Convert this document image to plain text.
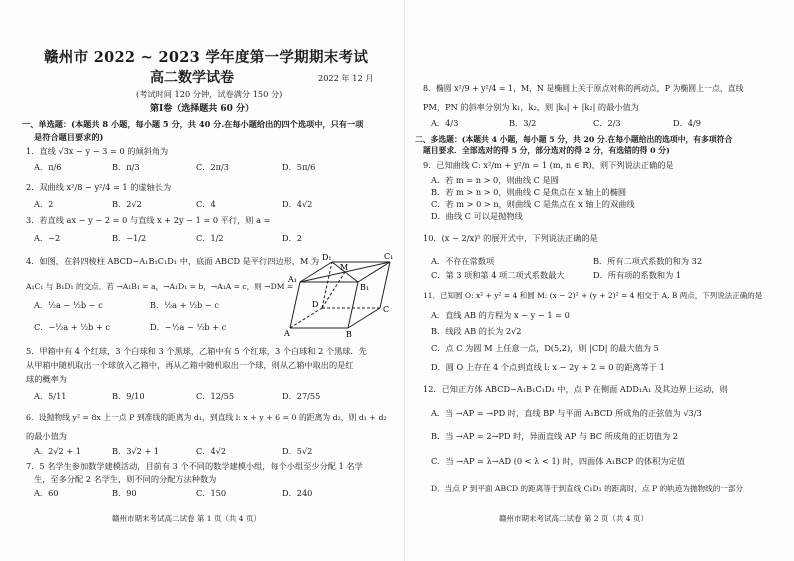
赣州市 2022 ~ 2023 学年度第一学期期末考试
高二数学试卷	2022 年 12 月
(考试时间 120 分钟，试卷满分 150 分)
第Ⅰ卷（选择题共 60 分）
一、单选题：(本题共 8 小题，每小题 5 分，共 40 分.在每小题给出的四个选项中，只有一项
是符合题目要求的)
1．直线 √3x − y − 3 = 0 的倾斜角为
A．π/6	B．π/3	C．2π/3	D．5π/6
2．双曲线 x²/8 − y²/4 = 1 的虚轴长为
A．2	B．2√2	C．4	D．4√2
3．若直线 ax − y − 2 = 0 与直线 x + 2y − 1 = 0 平行，则 a =
A．−2	B．−1/2	C．1/2	D．2
4．如图，在斜四棱柱 ABCD−A₁B₁C₁D₁ 中，底面 ABCD 是平行四边形，M 为
A₁C₁ 与 B₁D₁ 的交点．若 →A₁B₁ = a，→A₁D₁ = b，→A₁A = c，则 →DM =
A．½a − ½b − c	B．½a + ½b − c
C．−½a + ½b + c	D．−½a − ½b + c
A	B
C
D
A₁
B₁
C₁
D₁
M
5．甲箱中有 4 个红球，3 个白球和 3 个黑球，乙箱中有 5 个红球，3 个白球和 2 个黑球．先
从甲箱中随机取出一个球放入乙箱中，再从乙箱中随机取出一个球，则从乙箱中取出的是红
球的概率为
A．5/11	B．9/10	C．12/55	D．27/55
6．设抛物线 y² = 8x 上一点 P 到准线的距离为 d₁，到直线 l: x + y + 6 = 0 的距离为 d₂，则 d₁ + d₂
的最小值为
A．2√2 + 1	B．3√2 + 1	C．4√2	D．5√2
7．5 名学生参加数学建模活动，目前有 3 个不同的数学建模小组，每个小组至少分配 1 名学
生，至多分配 2 名学生，则不同的分配方法种数为
A．60	B．90	C．150	D．240
赣州市期末考试高二试卷 第 1 页（共 4 页）
8．椭圆 x²/9 + y²/4 = 1，M，N 是椭圆上关于原点对称的两动点，P 为椭圆上一点，直线
PM，PN 的斜率分别为 k₁，k₂，则 |k₁| + |k₂| 的最小值为
A．4/3	B．3/2	C．2/3	D．4/9
二、多选题：(本题共 4 小题，每小题 5 分，共 20 分.在每小题给出的选项中，有多项符合
题目要求．全部选对的得 5 分，部分选对的得 2 分，有选错的得 0 分)
9．已知曲线 C: x²/m + y²/n = 1 (m, n ∈ R)，则下列说法正确的是
A．若 m = n > 0，则曲线 C 是圆
B．若 m > n > 0，则曲线 C 是焦点在 x 轴上的椭圆
C．若 m > 0 > n，则曲线 C 是焦点在 x 轴上的双曲线
D．曲线 C 可以是抛物线
10．(x − 2/x)⁵ 的展开式中，下列说法正确的是
A．不存在常数项	B．所有二项式系数的和为 32
C．第 3 项和第 4 项二项式系数最大	D．所有项的系数和为 1
11．已知圆 O: x² + y² = 4 和圆 M: (x − 2)² + (y + 2)² = 4 相交于 A, B 两点，下列说法正确的是
A．直线 AB 的方程为 x − y − 1 = 0
B．线段 AB 的长为 2√2
C．点 C 为圆 M 上任意一点，D(5,2)，则 |CD| 的最大值为 5
D．圆 O 上存在 4 个点到直线 l: x − 2y + 2 = 0 的距离等于 1
12．已知正方体 ABCD−A₁B₁C₁D₁ 中，点 P 在侧面 ADD₁A₁ 及其边界上运动，则
A．当 →AP = →PD 时，直线 BP 与平面 A₁BCD 所成角的正弦值为 √3/3
B．当 →AP = 2→PD 时，异面直线 AP 与 BC 所成角的正切值为 2
C．当 →AP = λ→AD (0 < λ < 1) 时，四面体 A₁BCP 的体积为定值
D．当点 P 到平面 ABCD 的距离等于到直线 C₁D₁ 的距离时，点 P 的轨迹为抛物线的一部分
赣州市期末考试高二试卷 第 2 页（共 4 页）
